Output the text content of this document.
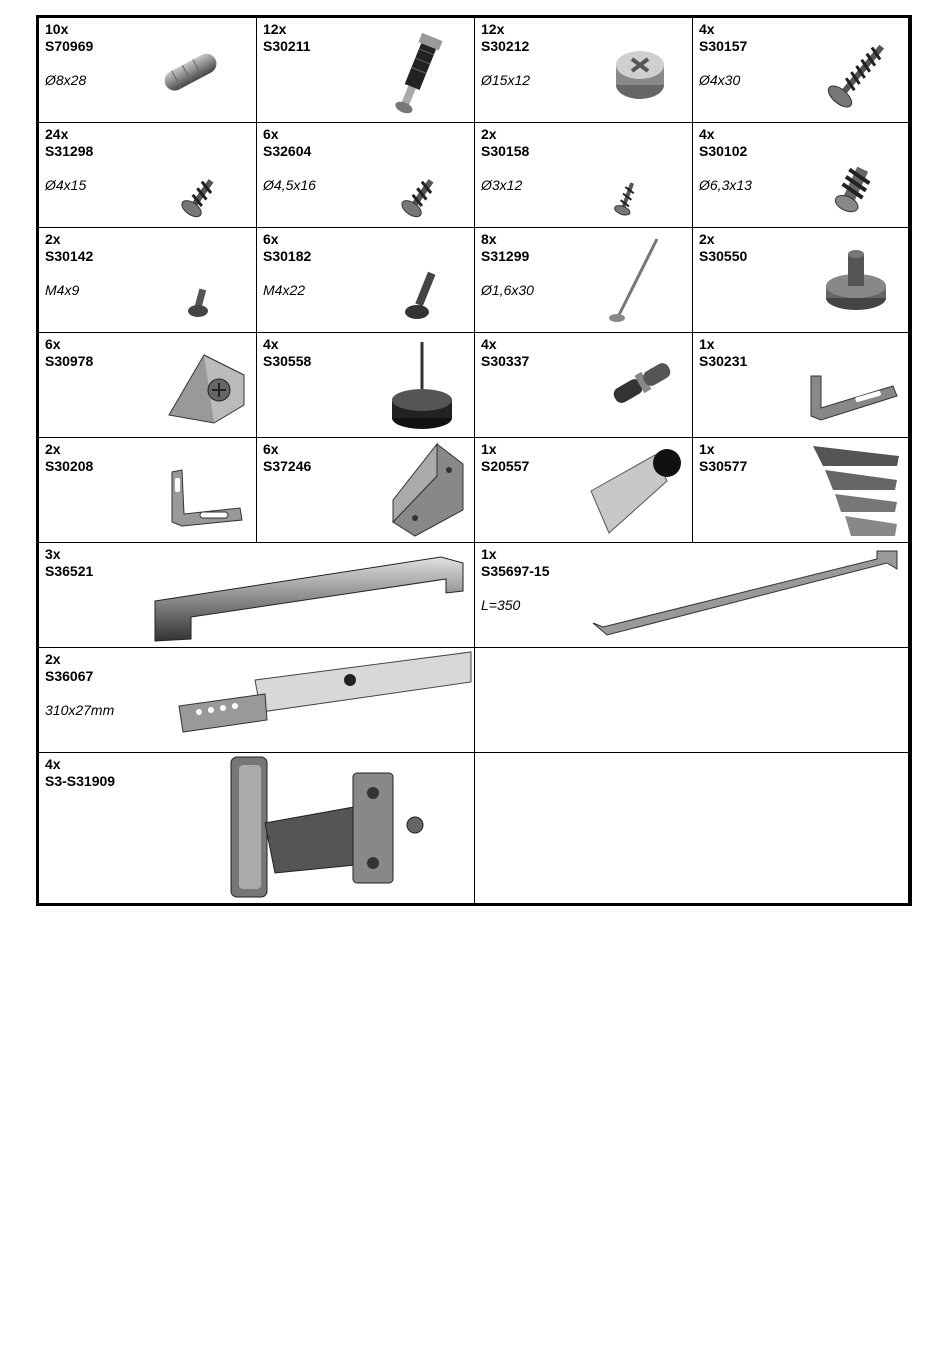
10x
S70969
Ø8x28
12x
S30211
12x
S30212
Ø15x12
4x
S30157
Ø4x30
24x
S31298
Ø4x15
6x
S32604
Ø4,5x16
2x
S30158
Ø3x12
4x
S30102
Ø6,3x13
2x
S30142
M4x9
6x
S30182
M4x22
8x
S31299
Ø1,6x30
2x
S30550
6x
S30978
4x
S30558
4x
S30337
1x
S30231
2x
S30208
6x
S37246
1x
S20557
1x
S30577
3x
S36521
1x
S35697-15
L=350
2x
S36067
310x27mm
4x
S3-S31909
